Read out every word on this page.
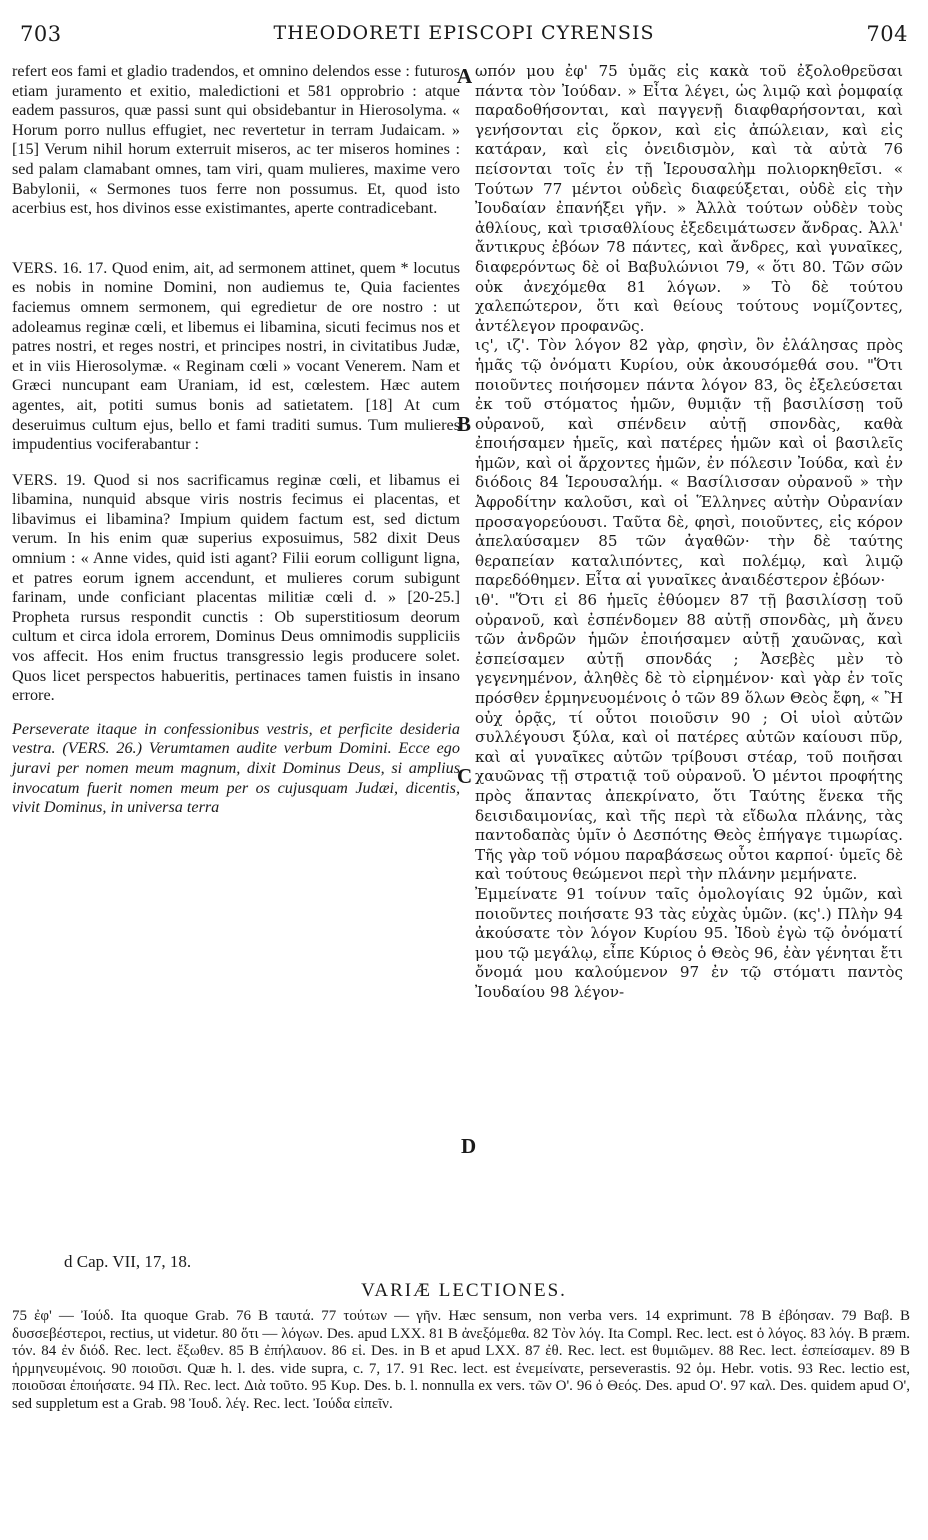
703	THEODORETI EPISCOPI CYRENSIS	704

refert eos fami et gladio tradendos, et omnino delendos esse : futuros etiam juramento et exitio, maledictioni et 581 opprobrio : atque eadem passuros, quæ passi sunt qui obsidebantur in Hierosolyma. « Horum porro nullus effugiet, nec revertetur in terram Judaicam. » [15] Verum nihil horum exterruit miseros, ac ter miseros homines : sed palam clamabant omnes, tam viri, quam mulieres, maxime vero Babylonii, « Sermones tuos ferre non possumus. Et, quod isto acerbius est, hos divinos esse existimantes, aperte contradicebant.

VERS. 16. 17. Quod enim, ait, ad sermonem attinet, quem * locutus es nobis in nomine Domini, non audiemus te, Quia facientes faciemus omnem sermonem, qui egredietur de ore nostro : ut adoleamus reginæ cœli, et libemus ei libamina, sicuti fecimus nos et patres nostri, et reges nostri, et principes nostri, in civitatibus Judæ, et in viis Hierosolymæ. « Reginam cœli » vocant Venerem. Nam et Græci nuncupant eam Uraniam, id est, cœlestem. Hæc autem agentes, ait, potiti sumus bonis ad satietatem. [18] At cum deseruimus cultum ejus, bello et fami traditi sumus. Tum mulieres impudentius vociferabantur :

VERS. 19. Quod si nos sacrificamus reginæ cœli, et libamus ei libamina, nunquid absque viris nostris fecimus ei placentas, et libavimus ei libamina? Impium quidem factum est, sed dictum verum. In his enim quæ superius exposuimus, 582 dixit Deus omnium : « Anne vides, quid isti agant? Filii eorum colligunt ligna, et patres eorum ignem accendunt, et mulieres corum subigunt farinam, unde conficiant placentas militiæ cœli d. » [20-25.] Propheta rursus respondit cunctis : Ob superstitiosum deorum cultum et circa idola errorem, Dominus Deus omnimodis suppliciis vos affecit. Hos enim fructus transgressio legis producere solet. Quos licet perspectos habueritis, pertinaces tamen fuistis in insano errore.

Perseverate itaque in confessionibus vestris, et perficite desideria vestra. (VERS. 26.) Verumtamen audite verbum Domini. Ecce ego juravi per nomen meum magnum, dixit Dominus Deus, si amplius invocatum fuerit nomen meum per os cujusquam Judæi, dicentis, vivit Dominus, in universa terra

ωπόν μου ἐφ' 75 ὑμᾶς εἰς κακὰ τοῦ ἐξολοθρεῦσαι πάντα τὸν Ἰούδαν. » Εἶτα λέγει, ὡς λιμῷ καὶ ῥομφαίᾳ παραδοθήσονται, καὶ παγγενῇ διαφθαρήσονται, καὶ γενήσονται εἰς ὅρκον, καὶ εἰς ἀπώλειαν, καὶ εἰς κατάραν, καὶ εἰς ὀνειδισμὸν, καὶ τὰ αὐτὰ 76 πείσονται τοῖς ἐν τῇ Ἱερουσαλὴμ πολιορκηθεῖσι. « Τούτων 77 μέντοι οὐδεὶς διαφεύξεται, οὐδὲ εἰς τὴν Ἰουδαίαν ἐπανήξει γῆν. » Ἀλλὰ τούτων οὐδὲν τοὺς ἀθλίους, καὶ τρισαθλίους ἐξεδειμάτωσεν ἄνδρας. Ἀλλ' ἄντικρυς ἐβόων 78 πάντες, καὶ ἄνδρες, καὶ γυναῖκες, διαφερόντως δὲ οἱ Βαβυλώνιοι 79, « ὅτι 80. Τῶν σῶν οὐκ ἀνεχόμεθα 81 λόγων. » Τὸ δὲ τούτου χαλεπώτερον, ὅτι καὶ θείους τούτους νομίζοντες, ἀντέλεγον προφανῶς.

ις', ιζ'. Τὸν λόγον 82 γὰρ, φησὶν, ὃν ἐλάλησας πρὸς ἡμᾶς τῷ ὀνόματι Κυρίου, οὐκ ἀκουσόμεθά σου. "Ὅτι ποιοῦντες ποιήσομεν πάντα λόγον 83, ὃς ἐξελεύσεται ἐκ τοῦ στόματος ἡμῶν, θυμιᾷν τῇ βασιλίσσῃ τοῦ οὐρανοῦ, καὶ σπένδειν αὐτῇ σπονδὰς, καθὰ ἐποιήσαμεν ἡμεῖς, καὶ πατέρες ἡμῶν καὶ οἱ βασιλεῖς ἡμῶν, καὶ οἱ ἄρχοντες ἡμῶν, ἐν πόλεσιν Ἰούδα, καὶ ἐν διόδοις 84 Ἱερουσαλήμ. « Βασίλισσαν οὐρανοῦ » τὴν Ἀφροδίτην καλοῦσι, καὶ οἱ Ἕλληνες αὐτὴν Οὐρανίαν προσαγορεύουσι. Ταῦτα δὲ, φησὶ, ποιοῦντες, εἰς κόρον ἀπελαύσαμεν 85 τῶν ἀγαθῶν· τὴν δὲ ταύτης θεραπείαν καταλιπόντες, καὶ πολέμῳ, καὶ λιμῷ παρεδόθημεν. Εἶτα αἱ γυναῖκες ἀναιδέστερον ἐβόων·

ιθ'. "Ὅτι εἰ 86 ἡμεῖς ἐθύομεν 87 τῇ βασιλίσσῃ τοῦ οὐρανοῦ, καὶ ἐσπένδομεν 88 αὐτῇ σπονδὰς, μὴ ἄνευ τῶν ἀνδρῶν ἡμῶν ἐποιήσαμεν αὐτῇ χαυῶνας, καὶ ἐσπείσαμεν αὐτῇ σπονδάς ; Ἀσεβὲς μὲν τὸ γεγενημένον, ἀληθὲς δὲ τὸ εἰρημένον· καὶ γὰρ ἐν τοῖς πρόσθεν ἑρμηνευομένοις ὁ τῶν 89 ὅλων Θεὸς ἔφη, « Ἢ οὐχ ὁρᾷς, τί οὗτοι ποιοῦσιν 90 ; Οἱ υἱοὶ αὐτῶν συλλέγουσι ξύλα, καὶ οἱ πατέρες αὐτῶν καίουσι πῦρ, καὶ αἱ γυναῖκες αὐτῶν τρίβουσι στέαρ, τοῦ ποιῆσαι χαυῶνας τῇ στρατιᾷ τοῦ οὐρανοῦ. Ὁ μέντοι προφήτης πρὸς ἅπαντας ἀπεκρίνατο, ὅτι Ταύτης ἕνεκα τῆς δεισιδαιμονίας, καὶ τῆς περὶ τὰ εἴδωλα πλάνης, τὰς παντοδαπὰς ὑμῖν ὁ Δεσπότης Θεὸς ἐπήγαγε τιμωρίας. Τῆς γὰρ τοῦ νόμου παραβάσεως οὗτοι καρποί· ὑμεῖς δὲ καὶ τούτους θεώμενοι περὶ τὴν πλάνην μεμήνατε.

Ἐμμείνατε 91 τοίνυν ταῖς ὁμολογίαις 92 ὑμῶν, καὶ ποιοῦντες ποιήσατε 93 τὰς εὐχὰς ὑμῶν. (κς'.) Πλὴν 94 ἀκούσατε τὸν λόγον Κυρίου 95. Ἰδοὺ ἐγὼ τῷ ὀνόματί μου τῷ μεγάλῳ, εἶπε Κύριος ὁ Θεὸς 96, ἐὰν γένηται ἔτι ὄνομά μου καλούμενον 97 ἐν τῷ στόματι παντὸς Ἰουδαίου 98 λέγον-

A
B
C
D
d Cap. VII, 17, 18.
VARIÆ LECTIONES.
75 ἐφ' — Ἰούδ. Ita quoque Grab. 76 B ταυτά. 77 τούτων — γῆν. Hæc sensum, non verba vers. 14 exprimunt. 78 B ἐβόησαν. 79 Βαβ. B δυσσεβέστεροι, rectius, ut videtur. 80 ὅτι — λόγων. Des. apud LXX. 81 B ἀνεξόμεθα. 82 Τὸν λόγ. Ita Compl. Rec. lect. est ὁ λόγος. 83 λόγ. B præm. τόν. 84 ἐν διόδ. Rec. lect. ἔξωθεν. 85 B ἐπήλαυον. 86 εἰ. Des. in B et apud LXX. 87 ἐθ. Rec. lect. est θυμιῶμεν. 88 Rec. lect. ἐσπείσαμεν. 89 B ἡρμηνευμένοις. 90 ποιοῦσι. Quæ h. l. des. vide supra, c. 7, 17. 91 Rec. lect. est ἐνεμείνατε, perseverastis. 92 ὁμ. Hebr. votis. 93 Rec. lectio est, ποιοῦσαι ἐποιήσατε. 94 Πλ. Rec. lect. Διὰ τοῦτο. 95 Κυρ. Des. b. l. nonnulla ex vers. τῶν Ο'. 96 ὁ Θεός. Des. apud Ο'. 97 καλ. Des. quidem apud Ο', sed suppletum est a Grab. 98 Ἰουδ. λέγ. Rec. lect. Ἰούδα εἰπεῖν.
